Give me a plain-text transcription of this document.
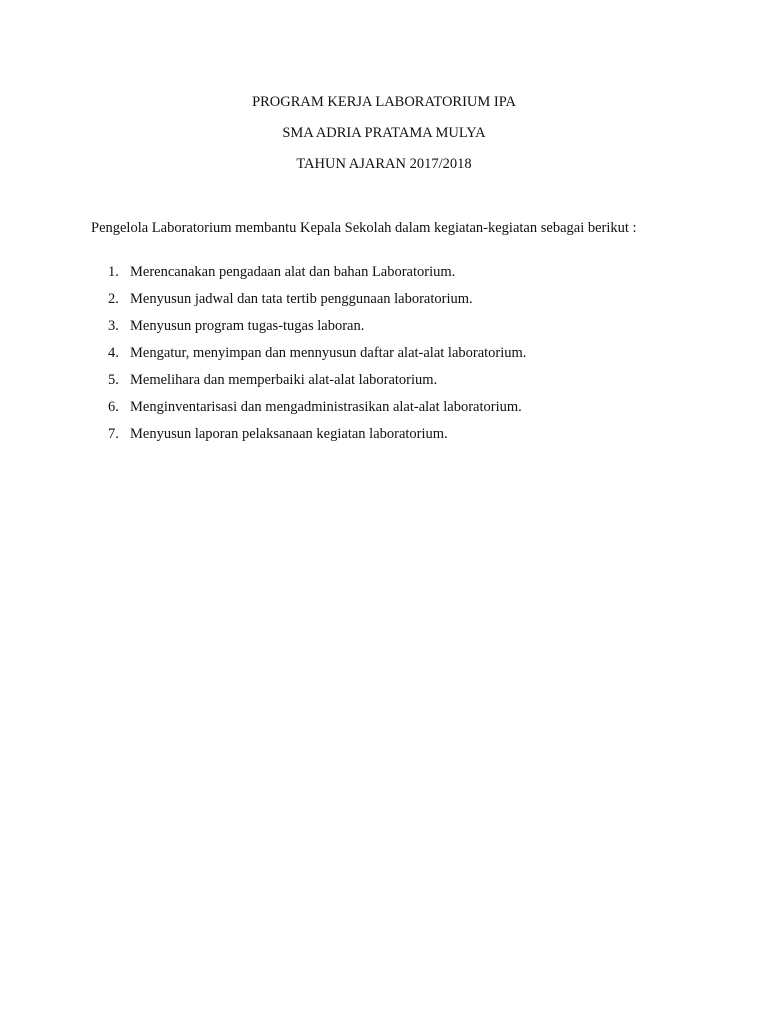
PROGRAM KERJA LABORATORIUM IPA
SMA ADRIA PRATAMA MULYA
TAHUN AJARAN 2017/2018
Pengelola Laboratorium membantu Kepala Sekolah dalam kegiatan-kegiatan sebagai berikut :
1. Merencanakan pengadaan alat dan bahan Laboratorium.
2. Menyusun jadwal dan tata tertib penggunaan laboratorium.
3. Menyusun program tugas-tugas laboran.
4. Mengatur, menyimpan dan mennyusun daftar alat-alat laboratorium.
5. Memelihara dan memperbaiki alat-alat laboratorium.
6. Menginventarisasi dan mengadministrasikan alat-alat laboratorium.
7. Menyusun laporan pelaksanaan kegiatan laboratorium.
